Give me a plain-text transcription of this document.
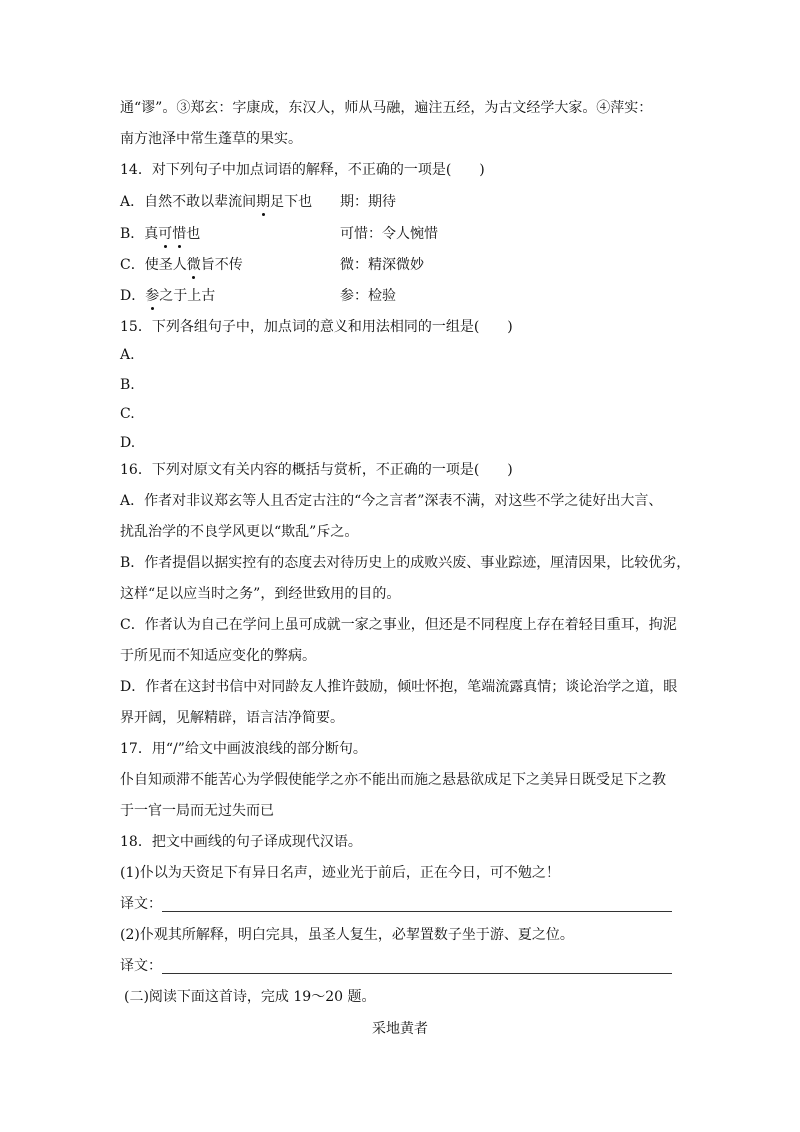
通“谬”。③郑玄：字康成，东汉人，师从马融，遍注五经，为古文经学大家。④萍实：
南方池泽中常生蓬草的果实。
14．对下列句子中加点词语的解释，不正确的一项是(　　)
A．自然不敢以辈流间期足下也 期：期待
B．真可惜也	可惜：令人惋惜
C．使圣人微旨不传	微：精深微妙
D．参之于上古	参：检验
15．下列各组句子中，加点词的意义和用法相同的一组是(　　)
A.
B.
C.
D.
16．下列对原文有关内容的概括与赏析，不正确的一项是(　　)
A．作者对非议郑玄等人且否定古注的“今之言者”深表不满，对这些不学之徒好出大言、
扰乱治学的不良学风更以“欺乱”斥之。
B．作者提倡以据实控有的态度去对待历史上的成败兴废、事业踪迹，厘清因果，比较优劣，
这样“足以应当时之务”，到经世致用的目的。
C．作者认为自己在学问上虽可成就一家之事业，但还是不同程度上存在着轻目重耳，拘泥
于所见而不知适应变化的弊病。
D．作者在这封书信中对同龄友人推许鼓励，倾吐怀抱，笔端流露真情；谈论治学之道，眼
界开阔，见解精辟，语言洁净简要。
17．用“/”给文中画波浪线的部分断句。
仆自知顽滞不能苦心为学假使能学之亦不能出而施之悬悬欲成足下之美异日既受足下之教
于一官一局而无过失而已
18．把文中画线的句子译成现代汉语。
(1)仆以为天资足下有异日名声，迹业光于前后，正在今日，可不勉之！
译文：
(2)仆观其所解释，明白完具，虽圣人复生，必挈置数子坐于游、夏之位。
译文：
(二)阅读下面这首诗，完成 19～20 题。
采地黄者
